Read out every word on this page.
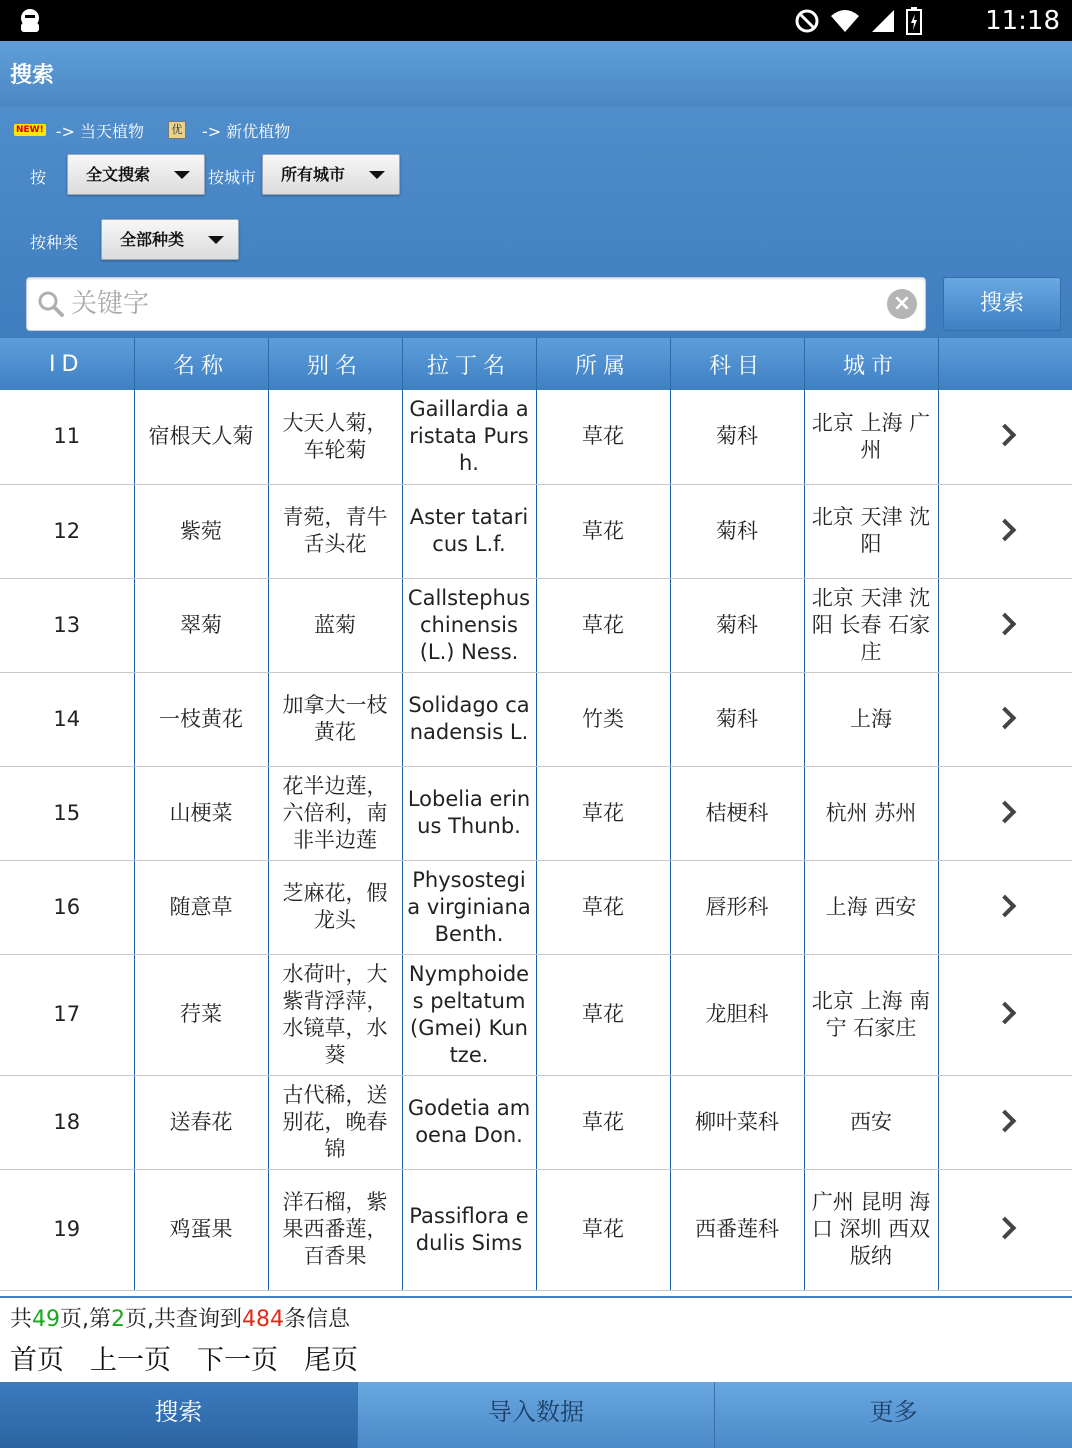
11:18
搜索
NEW! -> 当天植物	优 -> 新优植物
按 全文搜索	按城市 所有城市
按种类	全部种类
关键字
×	搜索
ID	名称	别名	拉丁名	所属	科目	城市	
11	宿根天人菊	大天人菊，车轮菊	Gaillardia aristata Pursh.	草花	菊科	北京 上海 广州	
12	紫菀	青菀，青牛舌头花	Aster tataricus L.f.	草花	菊科	北京 天津 沈阳	
13	翠菊	蓝菊	Callstephus chinensis (L.) Ness.	草花	菊科	北京 天津 沈阳 长春 石家庄	
14	一枝黄花	加拿大一枝黄花	Solidago canadensis L.	竹类	菊科	上海	
15	山梗菜	花半边莲，六倍利，南非半边莲	Lobelia erinus Thunb.	草花	桔梗科	杭州 苏州	
16	随意草	芝麻花，假龙头	Physostegia virginiana Benth.	草花	唇形科	上海 西安	
17	荇菜	水荷叶，大紫背浮萍，水镜草，水葵	Nymphoides peltatum (Gmei) Kuntze.	草花	龙胆科	北京 上海 南宁 石家庄	
18	送春花	古代稀，送别花，晚春锦	Godetia amoena Don.	草花	柳叶菜科	西安	
19	鸡蛋果	洋石榴，紫果西番莲，百香果	Passiflora edulis Sims	草花	西番莲科	广州 昆明 海口 深圳 西双版纳	
共49页,第2页,共查询到484条信息
首页 上一页 下一页 尾页
搜索	导入数据	更多
